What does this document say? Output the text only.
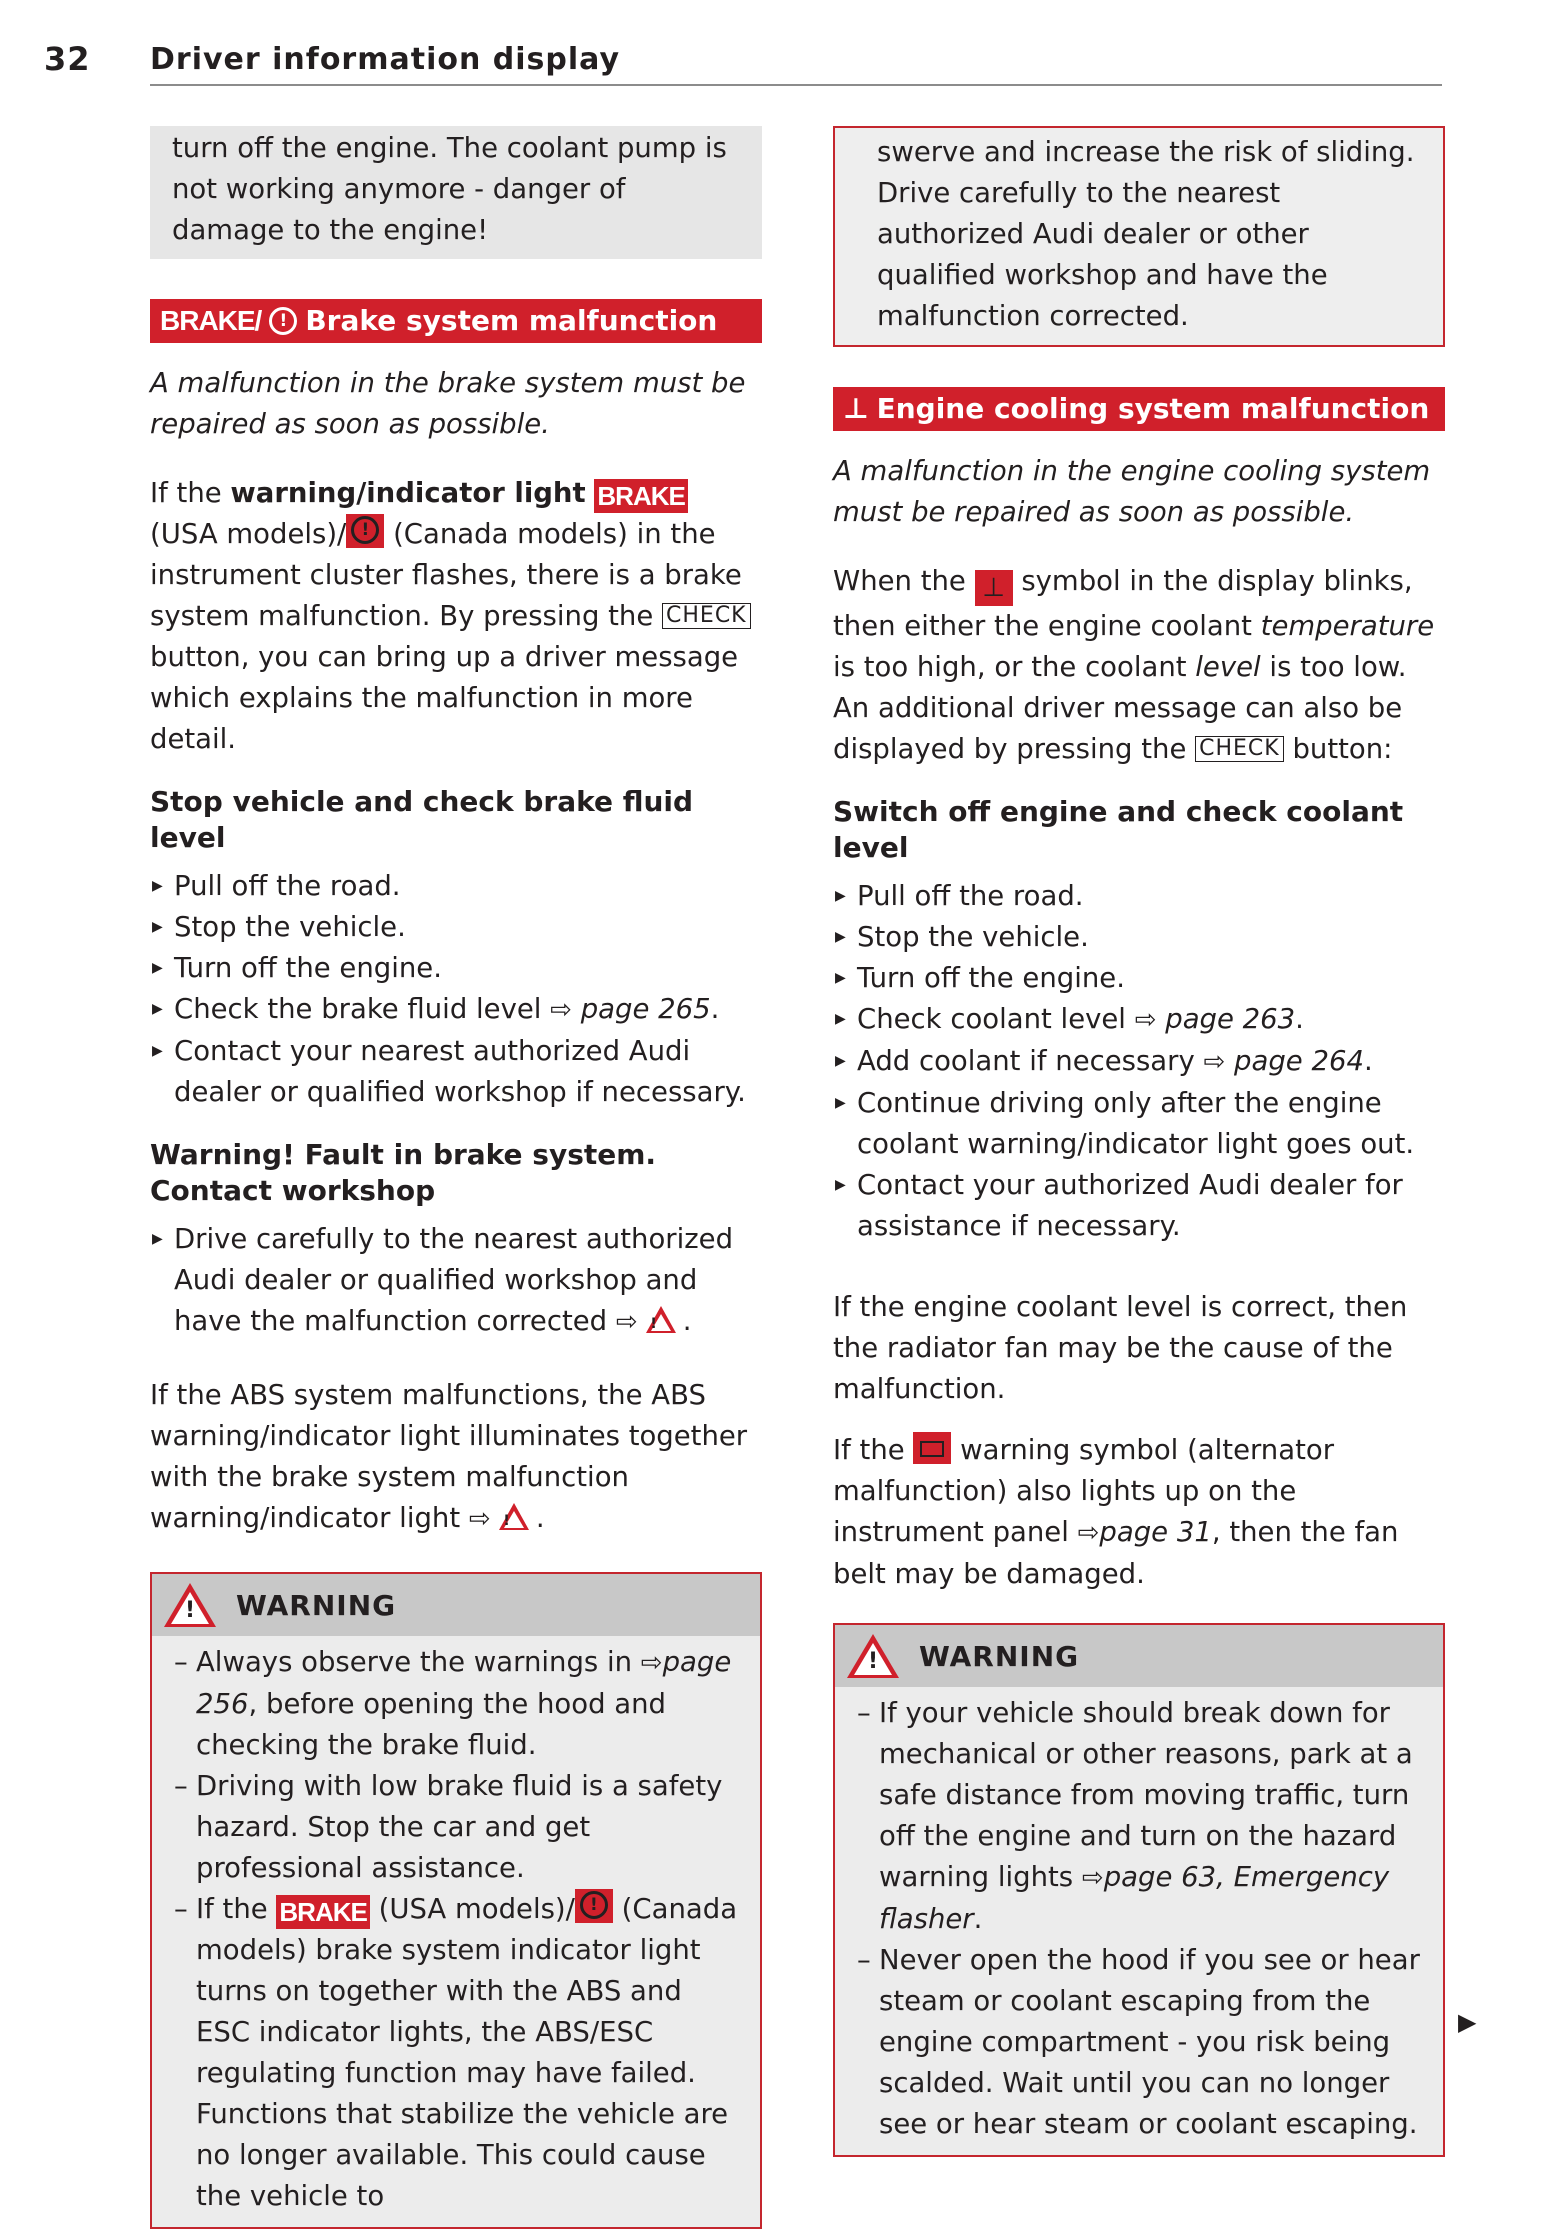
32 Driver information display

turn off the engine. The coolant pump is not working anymore - danger of damage to the engine!

BRAKE/	! Brake system malfunction

A malfunction in the brake system must be repaired as soon as possible.

If the warning/indicator light BRAKE (USA models)/ ! (Canada models) in the instrument cluster flashes, there is a brake system malfunction. By pressing the CHECK button, you can bring up a driver message which explains the malfunction in more detail.

Stop vehicle and check brake fluid level
▶ Pull off the road.
▶ Stop the vehicle.
▶ Turn off the engine.
▶ Check the brake fluid level ⇨ page 265.
▶ Contact your nearest authorized Audi dealer or qualified workshop if necessary.
Warning! Fault in brake system. Contact workshop
▶ Drive carefully to the nearest authorized Audi dealer or qualified workshop and have the malfunction corrected ⇨ ! .

If the ABS system malfunctions, the ABS warning/indicator light illuminates together with the brake system malfunction warning/indicator light ⇨ ! .

! WARNING
– Always observe the warnings in ⇨page 256, before opening the hood and checking the brake fluid.
– Driving with low brake fluid is a safety hazard. Stop the car and get professional assistance.
– If the BRAKE (USA models)/ ! (Canada models) brake system indicator light turns on together with the ABS and ESC indicator lights, the ABS/ESC regulating function may have failed. Functions that stabilize the vehicle are no longer available. This could cause the vehicle to

swerve and increase the risk of sliding. Drive carefully to the nearest authorized Audi dealer or other qualified workshop and have the malfunction corrected.

⊥ Engine cooling system malfunction

A malfunction in the engine cooling system must be repaired as soon as possible.

When the ⊥ symbol in the display blinks, then either the engine coolant temperature is too high, or the coolant level is too low. An additional driver message can also be displayed by pressing the CHECK button:

Switch off engine and check coolant level
▶ Pull off the road.
▶ Stop the vehicle.
▶ Turn off the engine.
▶ Check coolant level ⇨ page 263.
▶ Add coolant if necessary ⇨ page 264.
▶ Continue driving only after the engine coolant warning/indicator light goes out.
▶ Contact your authorized Audi dealer for assistance if necessary.

If the engine coolant level is correct, then the radiator fan may be the cause of the malfunction.

If the  warning symbol (alternator malfunction) also lights up on the instrument panel ⇨page 31, then the fan belt may be damaged.

! WARNING
– If your vehicle should break down for mechanical or other reasons, park at a safe distance from moving traffic, turn off the engine and turn on the hazard warning lights ⇨page 63, Emergency flasher.
– Never open the hood if you see or hear steam or coolant escaping from the engine compartment - you risk being scalded. Wait until you can no longer see or hear steam or coolant escaping.
▶
